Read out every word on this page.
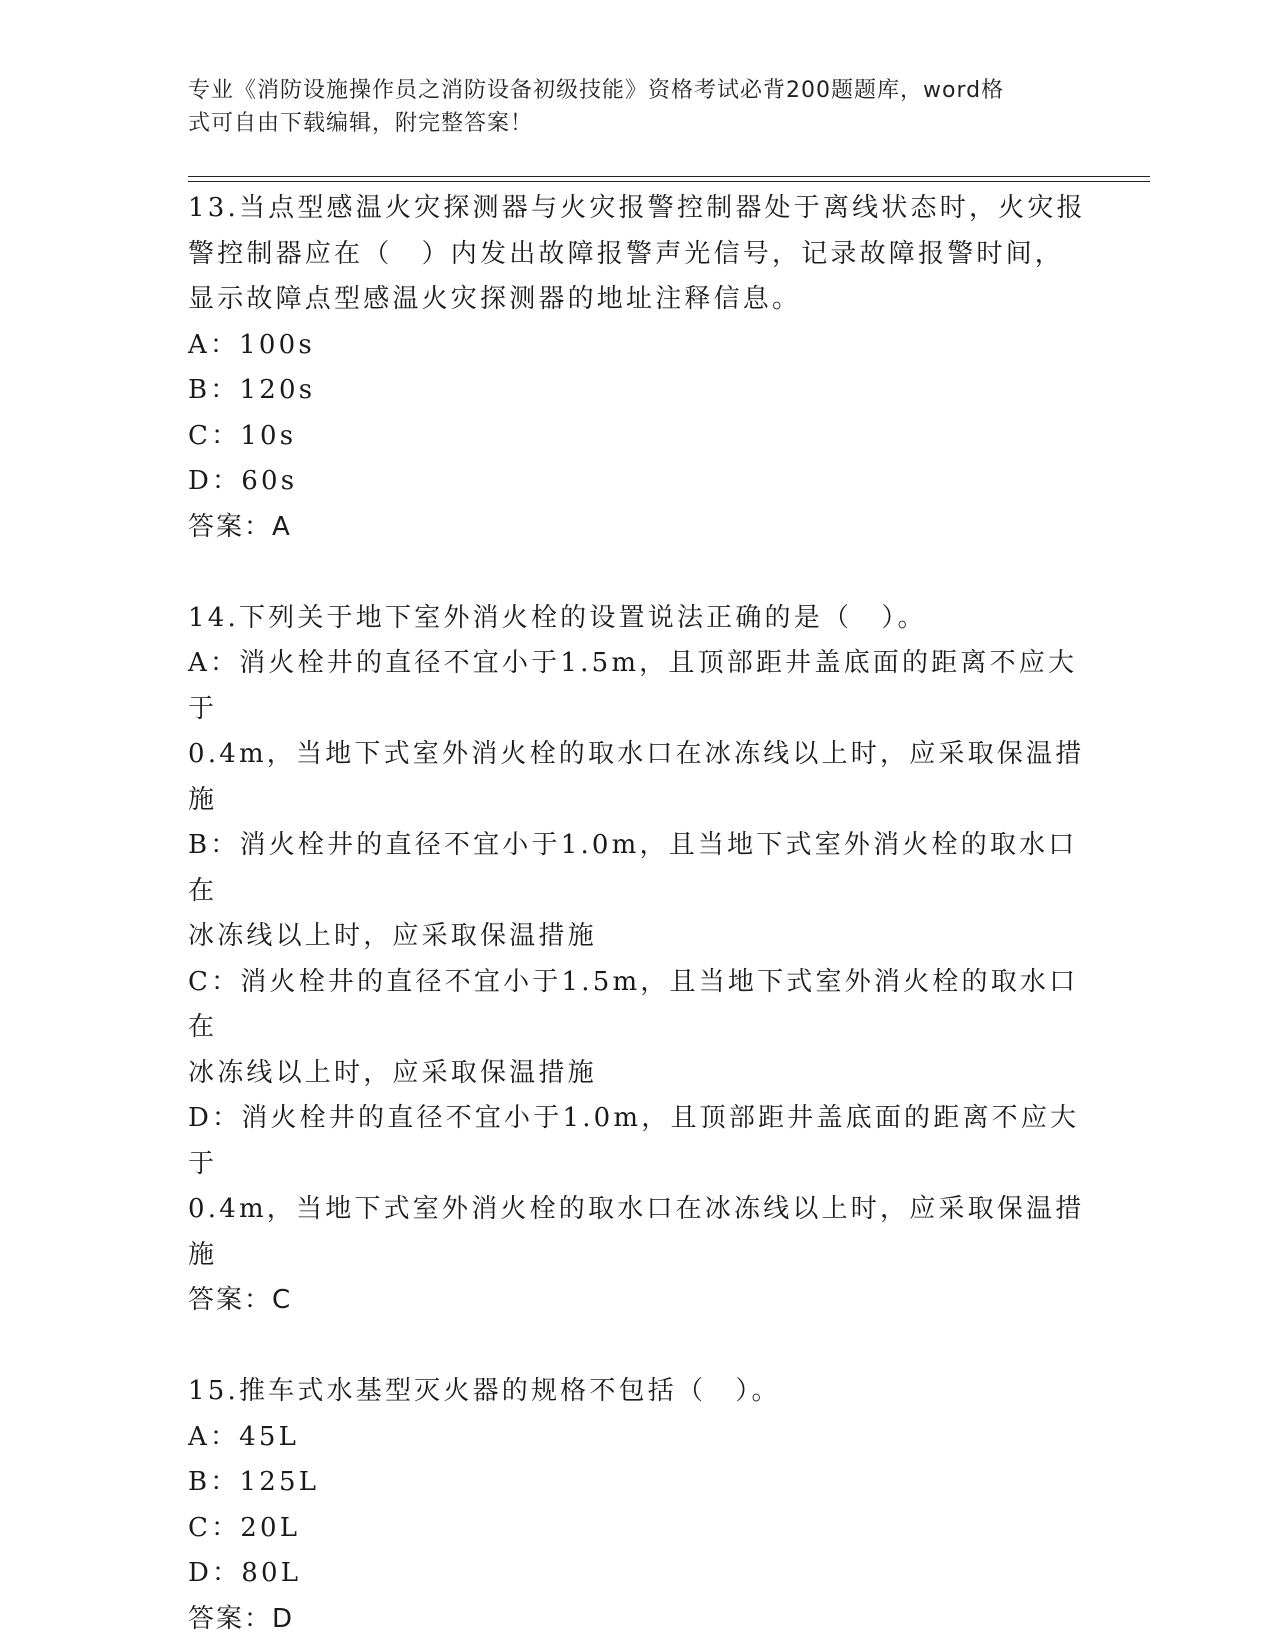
专业《消防设施操作员之消防设备初级技能》资格考试必背200题题库，word格
式可自由下载编辑，附完整答案！
13.当点型感温火灾探测器与火灾报警控制器处于离线状态时，火灾报
警控制器应在（　）内发出故障报警声光信号，记录故障报警时间，
显示故障点型感温火灾探测器的地址注释信息。
A：100s
B：120s
C：10s
D：60s
答案：A
14.下列关于地下室外消火栓的设置说法正确的是（　）。
A：消火栓井的直径不宜小于1.5m，且顶部距井盖底面的距离不应大于
0.4m，当地下式室外消火栓的取水口在冰冻线以上时，应采取保温措
施
B：消火栓井的直径不宜小于1.0m，且当地下式室外消火栓的取水口在
冰冻线以上时，应采取保温措施
C：消火栓井的直径不宜小于1.5m，且当地下式室外消火栓的取水口在
冰冻线以上时，应采取保温措施
D：消火栓井的直径不宜小于1.0m，且顶部距井盖底面的距离不应大于
0.4m，当地下式室外消火栓的取水口在冰冻线以上时，应采取保温措
施
答案：C
15.推车式水基型灭火器的规格不包括（　）。
A：45L
B：125L
C：20L
D：80L
答案：D
